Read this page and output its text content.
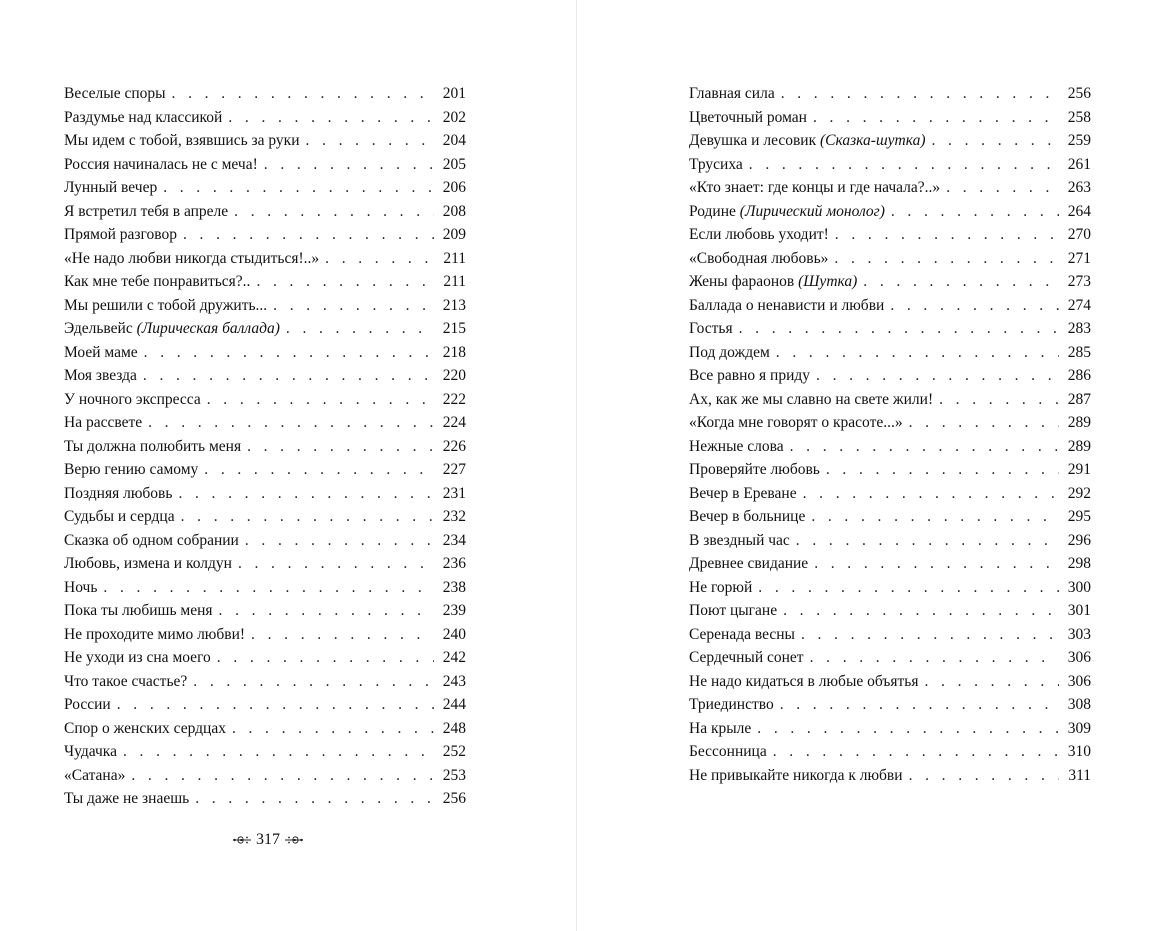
Веселые споры . . .	201
Раздумье над классикой . . .	202
Мы идем с тобой, взявшись за руки . . .	204
Россия начиналась не с меча! . . .	205
Лунный вечер . . .	206
Я встретил тебя в апреле . . .	208
Прямой разговор . . .	209
«Не надо любви никогда стыдиться!..» . . .	211
Как мне тебе понравиться?.. . . .	211
Мы решили с тобой дружить... . . .	213
Эдельвейс (Лирическая баллада) . . .	215
Моей маме . . .	218
Моя звезда . . .	220
У ночного экспресса . . .	222
На рассвете . . .	224
Ты должна полюбить меня . . .	226
Верю гению самому . . .	227
Поздняя любовь . . .	231
Судьбы и сердца . . .	232
Сказка об одном собрании . . .	234
Любовь, измена и колдун . . .	236
Ночь . . .	238
Пока ты любишь меня . . .	239
Не проходите мимо любви! . . .	240
Не уходи из сна моего . . .	242
Что такое счастье? . . .	243
России . . .	244
Спор о женских сердцах . . .	248
Чудачка . . .	252
«Сатана» . . .	253
Ты даже не знаешь . . .	256
317
Главная сила . . .	256
Цветочный роман . . .	258
Девушка и лесовик (Сказка-шутка) . . .	259
Трусиха . . .	261
«Кто знает: где концы и где начала?..» . . .	263
Родине (Лирический монолог) . . .	264
Если любовь уходит! . . .	270
«Свободная любовь» . . .	271
Жены фараонов (Шутка) . . .	273
Баллада о ненависти и любви . . .	274
Гостья . . .	283
Под дождем . . .	285
Все равно я приду . . .	286
Ах, как же мы славно на свете жили! . . .	287
«Когда мне говорят о красоте...» . . .	289
Нежные слова . . .	289
Проверяйте любовь . . .	291
Вечер в Ереване . . .	292
Вечер в больнице . . .	295
В звездный час . . .	296
Древнее свидание . . .	298
Не горюй . . .	300
Поют цыгане . . .	301
Серенада весны . . .	303
Сердечный сонет . . .	306
Не надо кидаться в любые объятья . . .	306
Триединство . . .	308
На крыле . . .	309
Бессонница . . .	310
Не привыкайте никогда к любви . . .	311
